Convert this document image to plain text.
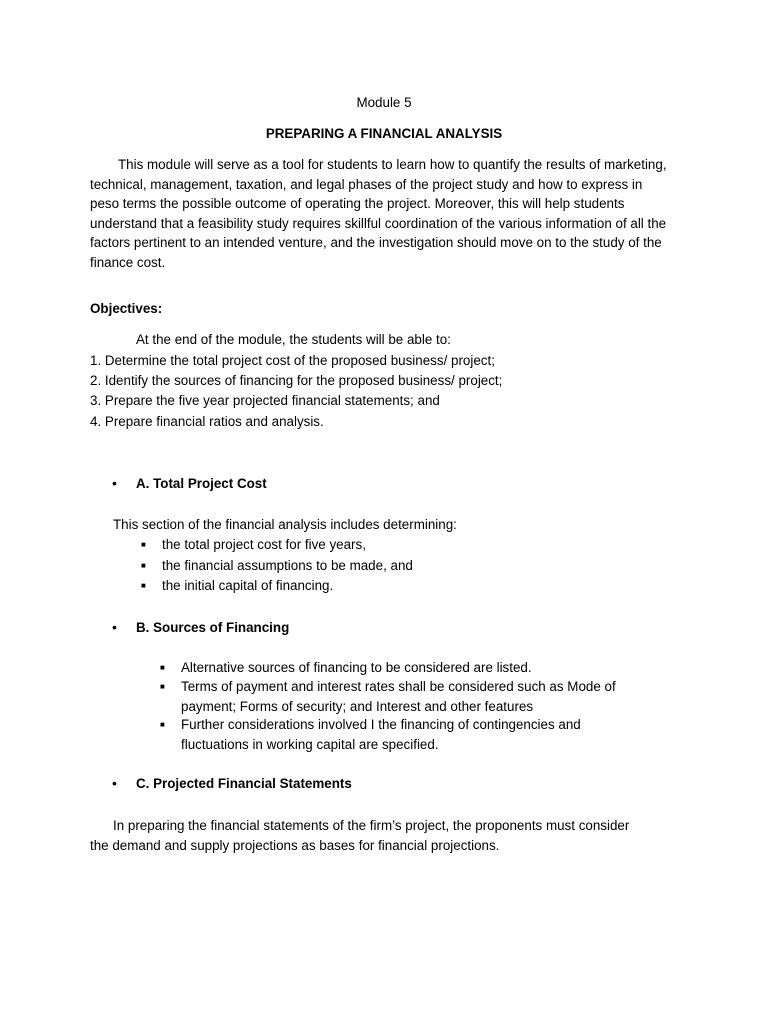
Module 5
PREPARING A FINANCIAL ANALYSIS
This module will serve as a tool for students to learn how to quantify the results of marketing, technical, management, taxation, and legal phases of the project study and how to express in peso terms the possible outcome of operating the project. Moreover, this will help students understand that a feasibility study requires skillful coordination of the various information of all the factors pertinent to an intended venture, and the investigation should move on to the study of the finance cost.
Objectives:
At the end of the module, the students will be able to:
1. Determine the total project cost of the proposed business/ project;
2. Identify the sources of financing for the proposed business/ project;
3. Prepare the five year projected financial statements; and
4. Prepare financial ratios and analysis.
• A. Total Project Cost
This section of the financial analysis includes determining:
■ the total project cost for five years,
■ the financial assumptions to be made, and
■ the initial capital of financing.
• B. Sources of Financing
■ Alternative sources of financing to be considered are listed.
■ Terms of payment and interest rates shall be considered such as Mode of payment; Forms of security; and Interest and other features
■ Further considerations involved I the financing of contingencies and fluctuations in working capital are specified.
• C. Projected Financial Statements
In preparing the financial statements of the firm’s project, the proponents must consider the demand and supply projections as bases for financial projections.
